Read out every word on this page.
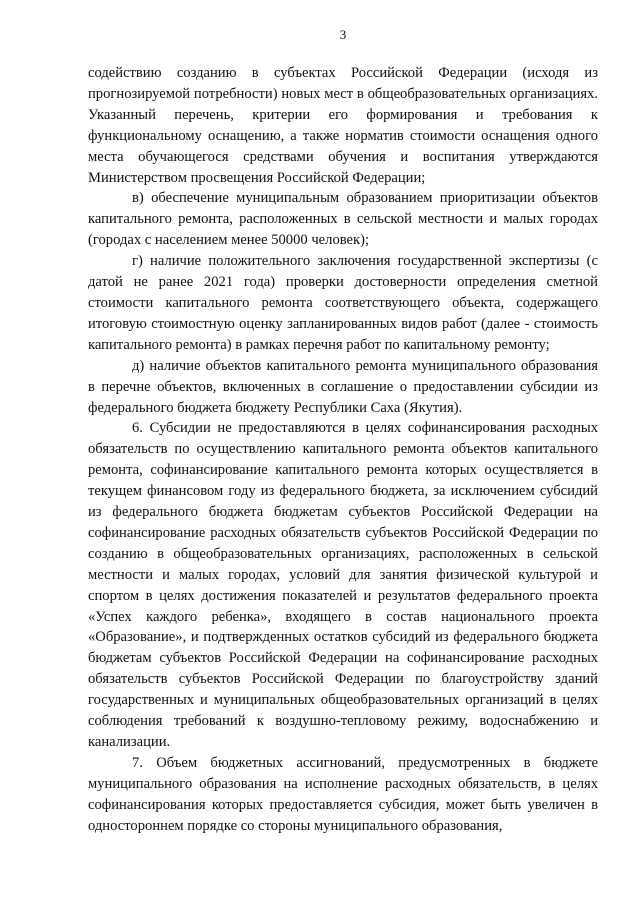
3

содействию созданию в субъектах Российской Федерации (исходя из прогнозируемой потребности) новых мест в общеобразовательных организациях. Указанный перечень, критерии его формирования и требования к функциональному оснащению, а также норматив стоимости оснащения одного места обучающегося средствами обучения и воспитания утверждаются Министерством просвещения Российской Федерации;

в) обеспечение муниципальным образованием приоритизации объектов капитального ремонта, расположенных в сельской местности и малых городах (городах с населением менее 50000 человек);

г) наличие положительного заключения государственной экспертизы (с датой не ранее 2021 года) проверки достоверности определения сметной стоимости капитального ремонта соответствующего объекта, содержащего итоговую стоимостную оценку запланированных видов работ (далее - стоимость капитального ремонта) в рамках перечня работ по капитальному ремонту;

д) наличие объектов капитального ремонта муниципального образования в перечне объектов, включенных в соглашение о предоставлении субсидии из федерального бюджета бюджету Республики Саха (Якутия).

6. Субсидии не предоставляются в целях софинансирования расходных обязательств по осуществлению капитального ремонта объектов капитального ремонта, софинансирование капитального ремонта которых осуществляется в текущем финансовом году из федерального бюджета, за исключением субсидий из федерального бюджета бюджетам субъектов Российской Федерации на софинансирование расходных обязательств субъектов Российской Федерации по созданию в общеобразовательных организациях, расположенных в сельской местности и малых городах, условий для занятия физической культурой и спортом в целях достижения показателей и результатов федерального проекта «Успех каждого ребенка», входящего в состав национального проекта «Образование», и подтвержденных остатков субсидий из федерального бюджета бюджетам субъектов Российской Федерации на софинансирование расходных обязательств субъектов Российской Федерации по благоустройству зданий государственных и муниципальных общеобразовательных организаций в целях соблюдения требований к воздушно-тепловому режиму, водоснабжению и канализации.

7. Объем бюджетных ассигнований, предусмотренных в бюджете муниципального образования на исполнение расходных обязательств, в целях софинансирования которых предоставляется субсидия, может быть увеличен в одностороннем порядке со стороны муниципального образования,
